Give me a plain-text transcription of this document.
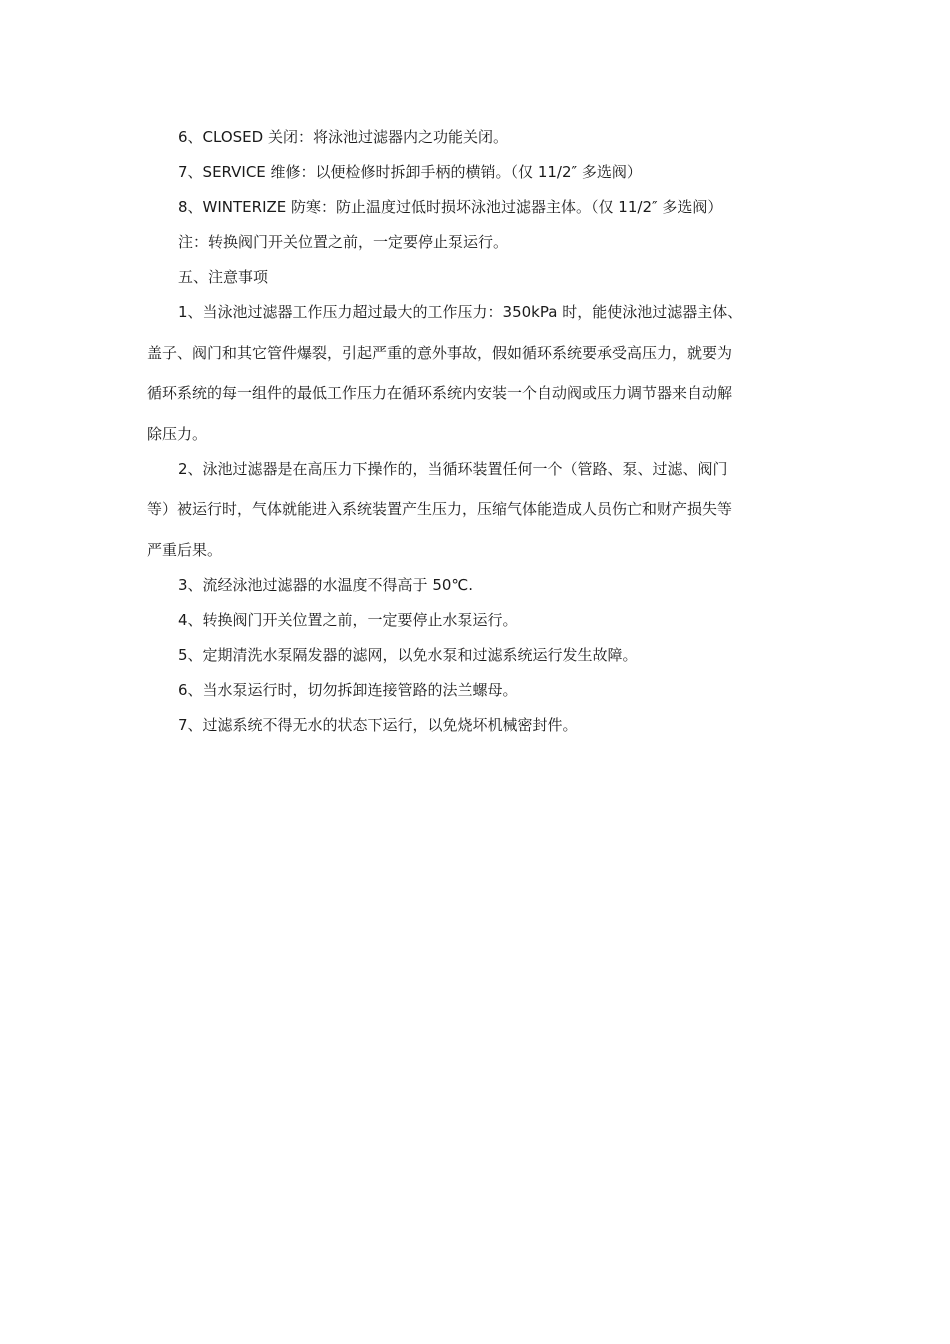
6、CLOSED 关闭：将泳池过滤器内之功能关闭。
7、SERVICE 维修：以便检修时拆卸手柄的横销。（仅 11/2″ 多选阀）
8、WINTERIZE 防寒：防止温度过低时损坏泳池过滤器主体。（仅 11/2″ 多选阀）
注：转换阀门开关位置之前，一定要停止泵运行。
五、注意事项
1、当泳池过滤器工作压力超过最大的工作压力：350kPa 时，能使泳池过滤器主体、
盖子、阀门和其它管件爆裂，引起严重的意外事故，假如循环系统要承受高压力，就要为
循环系统的每一组件的最低工作压力在循环系统内安装一个自动阀或压力调节器来自动解
除压力。
2、泳池过滤器是在高压力下操作的，当循环装置任何一个（管路、泵、过滤、阀门
等）被运行时，气体就能进入系统装置产生压力，压缩气体能造成人员伤亡和财产损失等
严重后果。
3、流经泳池过滤器的水温度不得高于 50℃.
4、转换阀门开关位置之前，一定要停止水泵运行。
5、定期清洗水泵隔发器的滤网，以免水泵和过滤系统运行发生故障。
6、当水泵运行时，切勿拆卸连接管路的法兰螺母。
7、过滤系统不得无水的状态下运行，以免烧坏机械密封件。
